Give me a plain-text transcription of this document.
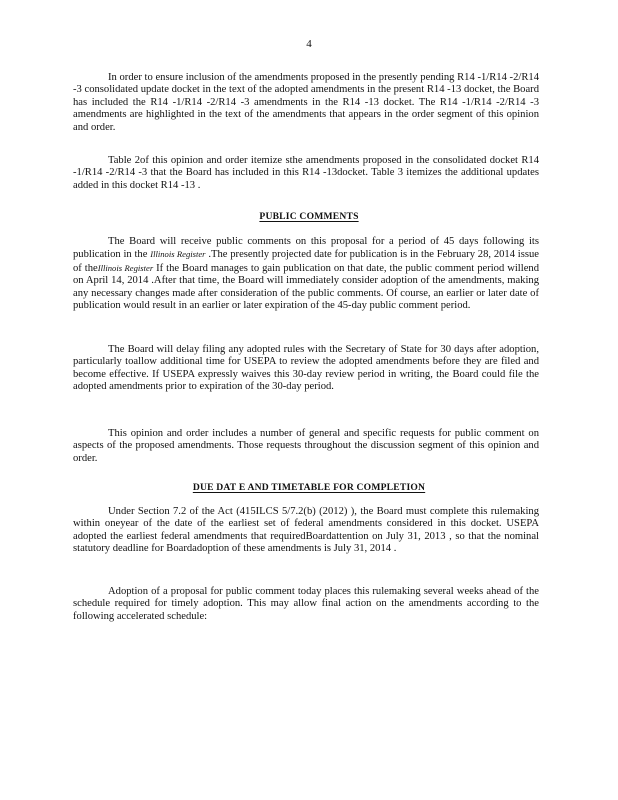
4

In order to ensure inclusion of the amendments proposed in the presently pending R14 -1/R14 -2/R14 -3 consolidated update docket in the text of the adopted amendments in the present R14 -13 docket, the Board has included the R14 -1/R14 -2/R14 -3 amendments in the R14 -13 docket. The R14 -1/R14 -2/R14 -3 amendments are highlighted in the text of the amendments that appears in the order segment of this opinion and order.

Table 2of this opinion and order itemize sthe amendments proposed in the consolidated docket R14 -1/R14 -2/R14 -3 that the Board has included in this R14 -13docket. Table 3 itemizes the additional updates added in this docket R14 -13 .

PUBLIC COMMENTS

The Board will receive public comments on this proposal for a period of 45 days following its publication in the Illinois Register .The presently projected date for publication is in the February 28, 2014 issue of theIllinois Register If the Board manages to gain publication on that date, the public comment period willend on April 14, 2014 .After that time, the Board will immediately consider adoption of the amendments, making any necessary changes made after consideration of the public comments. Of course, an earlier or later date of publication would result in an earlier or later expiration of the 45-day public comment period.

The Board will delay filing any adopted rules with the Secretary of State for 30 days after adoption, particularly toallow additional time for USEPA to review the adopted amendments before they are filed and become effective. If USEPA expressly waives this 30-day review period in writing, the Board could file the adopted amendments prior to expiration of the 30-day period.

This opinion and order includes a number of general and specific requests for public comment on aspects of the proposed amendments. Those requests throughout the discussion segment of this opinion and order.

DUE DAT E AND TIMETABLE FOR COMPLETION

Under Section 7.2 of the Act (415ILCS 5/7.2(b) (2012) ), the Board must complete this rulemaking within oneyear of the date of the earliest set of federal amendments considered in this docket. USEPA adopted the earliest federal amendments that requiredBoardattention on July 31, 2013 , so that the nominal statutory deadline for Boardadoption of these amendments is July 31, 2014 .

Adoption of a proposal for public comment today places this rulemaking several weeks ahead of the schedule required for timely adoption. This may allow final action on the amendments according to the following accelerated schedule:
